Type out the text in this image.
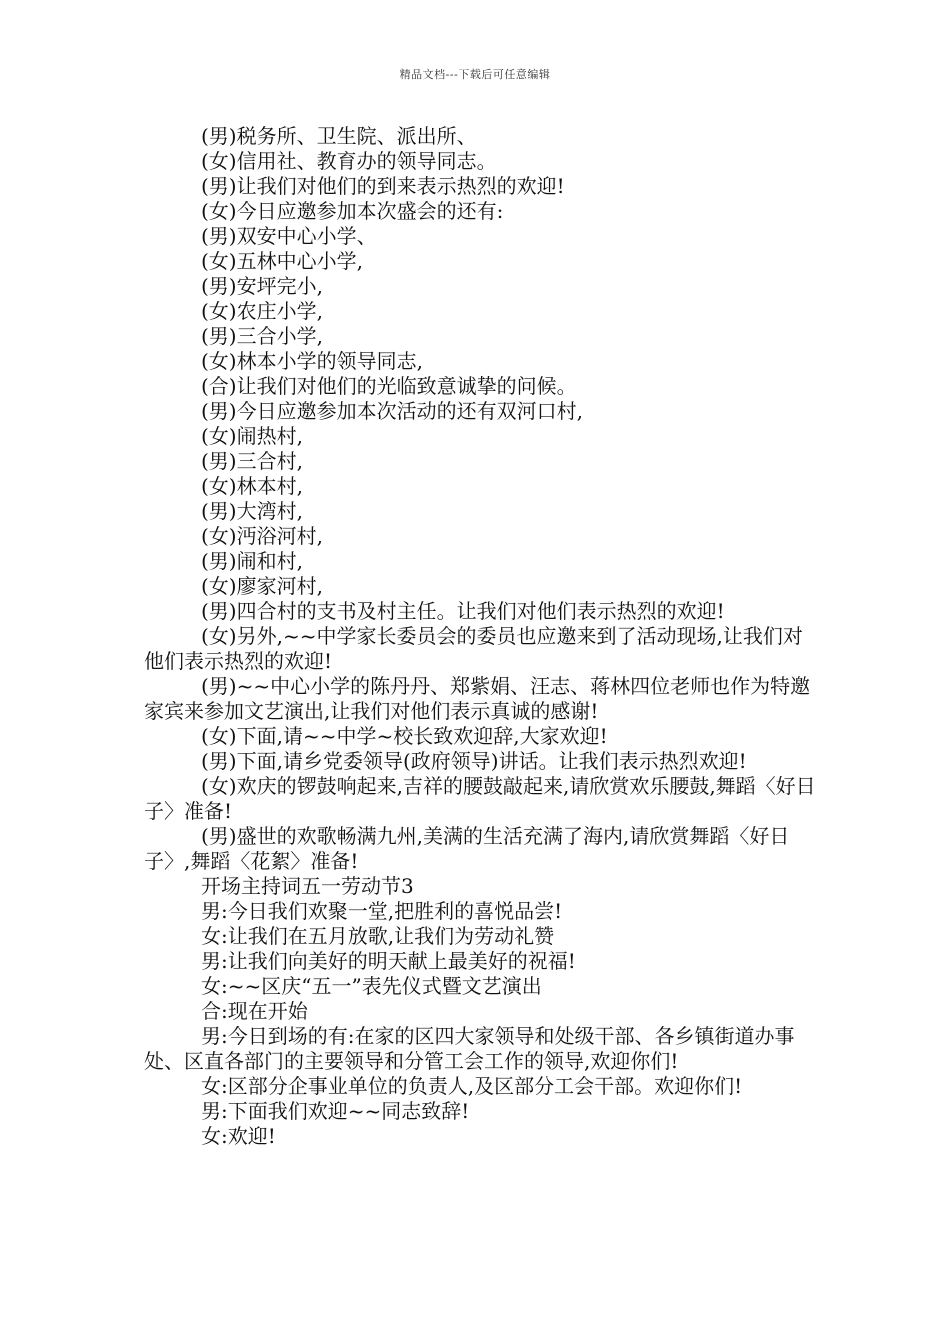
精品文档---下载后可任意编辑

(男)税务所、卫生院、派出所、

(女)信用社、教育办的领导同志。

(男)让我们对他们的到来表示热烈的欢迎!

(女)今日应邀参加本次盛会的还有:

(男)双安中心小学、

(女)五林中心小学,

(男)安坪完小,

(女)农庄小学,

(男)三合小学,

(女)林本小学的领导同志,

(合)让我们对他们的光临致意诚挚的问候。

(男)今日应邀参加本次活动的还有双河口村,

(女)闹热村,

(男)三合村,

(女)林本村,

(男)大湾村,

(女)沔浴河村,

(男)闹和村,

(女)廖家河村,

(男)四合村的支书及村主任。让我们对他们表示热烈的欢迎!

(女)另外,~~中学家长委员会的委员也应邀来到了活动现场,让我们对他们表示热烈的欢迎!

(男)~~中心小学的陈丹丹、郑紫娟、汪志、蒋林四位老师也作为特邀家宾来参加文艺演出,让我们对他们表示真诚的感谢!

(女)下面,请~~中学~校长致欢迎辞,大家欢迎!

(男)下面,请乡党委领导(政府领导)讲话。让我们表示热烈欢迎!

(女)欢庆的锣鼓响起来,吉祥的腰鼓敲起来,请欣赏欢乐腰鼓,舞蹈〈好日子〉准备!

(男)盛世的欢歌畅满九州,美满的生活充满了海内,请欣赏舞蹈〈好日子〉,舞蹈〈花絮〉准备!

开场主持词五一劳动节3

男:今日我们欢聚一堂,把胜利的喜悦品尝!

女:让我们在五月放歌,让我们为劳动礼赞

男:让我们向美好的明天献上最美好的祝福!

女:~~区庆“五一”表先仪式暨文艺演出

合:现在开始

男:今日到场的有:在家的区四大家领导和处级干部、各乡镇街道办事处、区直各部门的主要领导和分管工会工作的领导,欢迎你们!

女:区部分企事业单位的负责人,及区部分工会干部。欢迎你们!

男:下面我们欢迎~~同志致辞!

女:欢迎!
